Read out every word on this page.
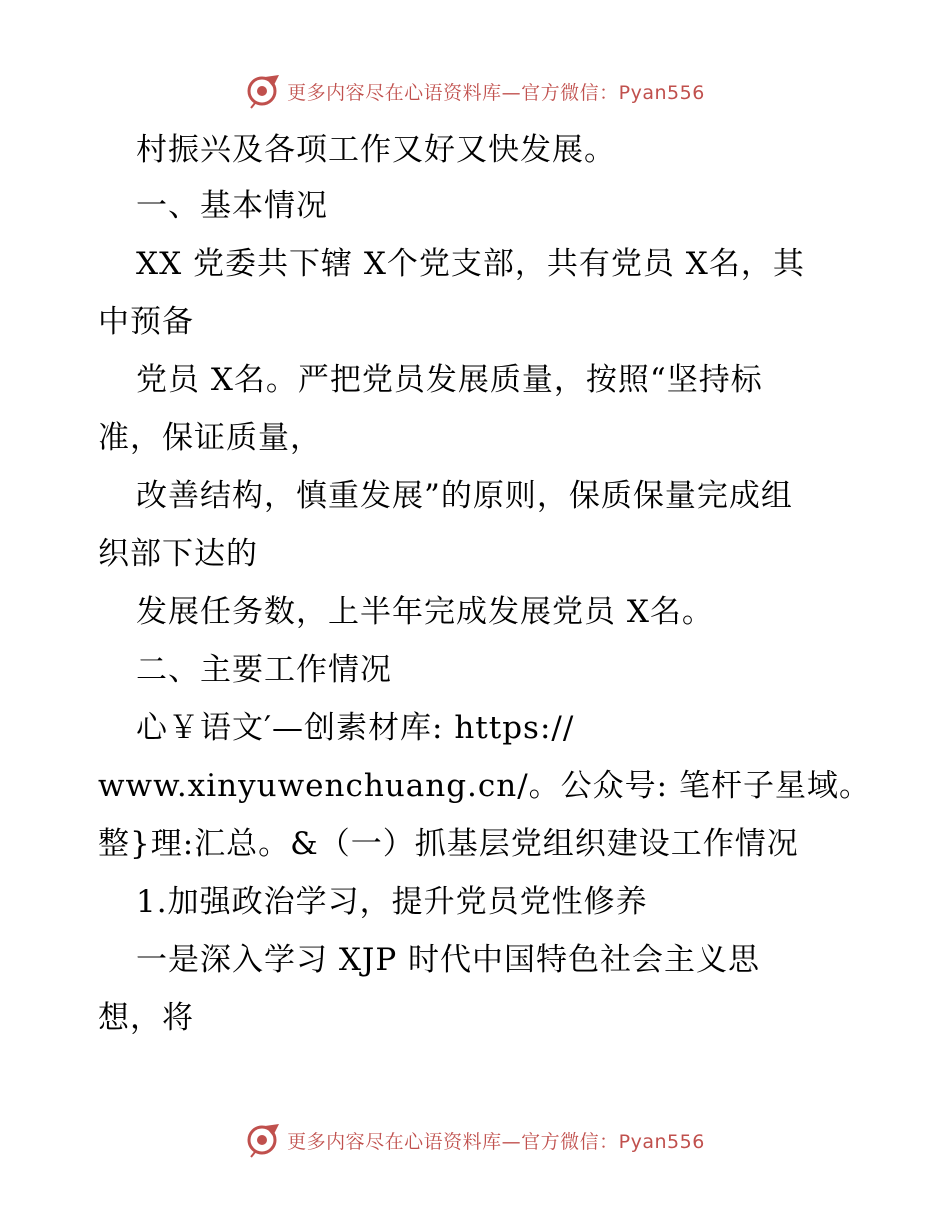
更多内容尽在心语资料库—官方微信：Pyan556
村振兴及各项工作又好又快发展。
一、基本情况
XX 党委共下辖 X个党支部，共有党员 X名，其
中预备
党员 X名。严把党员发展质量，按照“坚持标
准，保证质量，
改善结构，慎重发展”的原则，保质保量完成组
织部下达的
发展任务数，上半年完成发展党员 X名。
二、主要工作情况
心￥语文′—创素材库: https://
www.xinyuwenchuang.cn/。公众号: 笔杆子星域。
整}理:汇总。&（一）抓基层党组织建设工作情况
1.加强政治学习，提升党员党性修养
一是深入学习 XJP 时代中国特色社会主义思
想，将
更多内容尽在心语资料库—官方微信：Pyan556
